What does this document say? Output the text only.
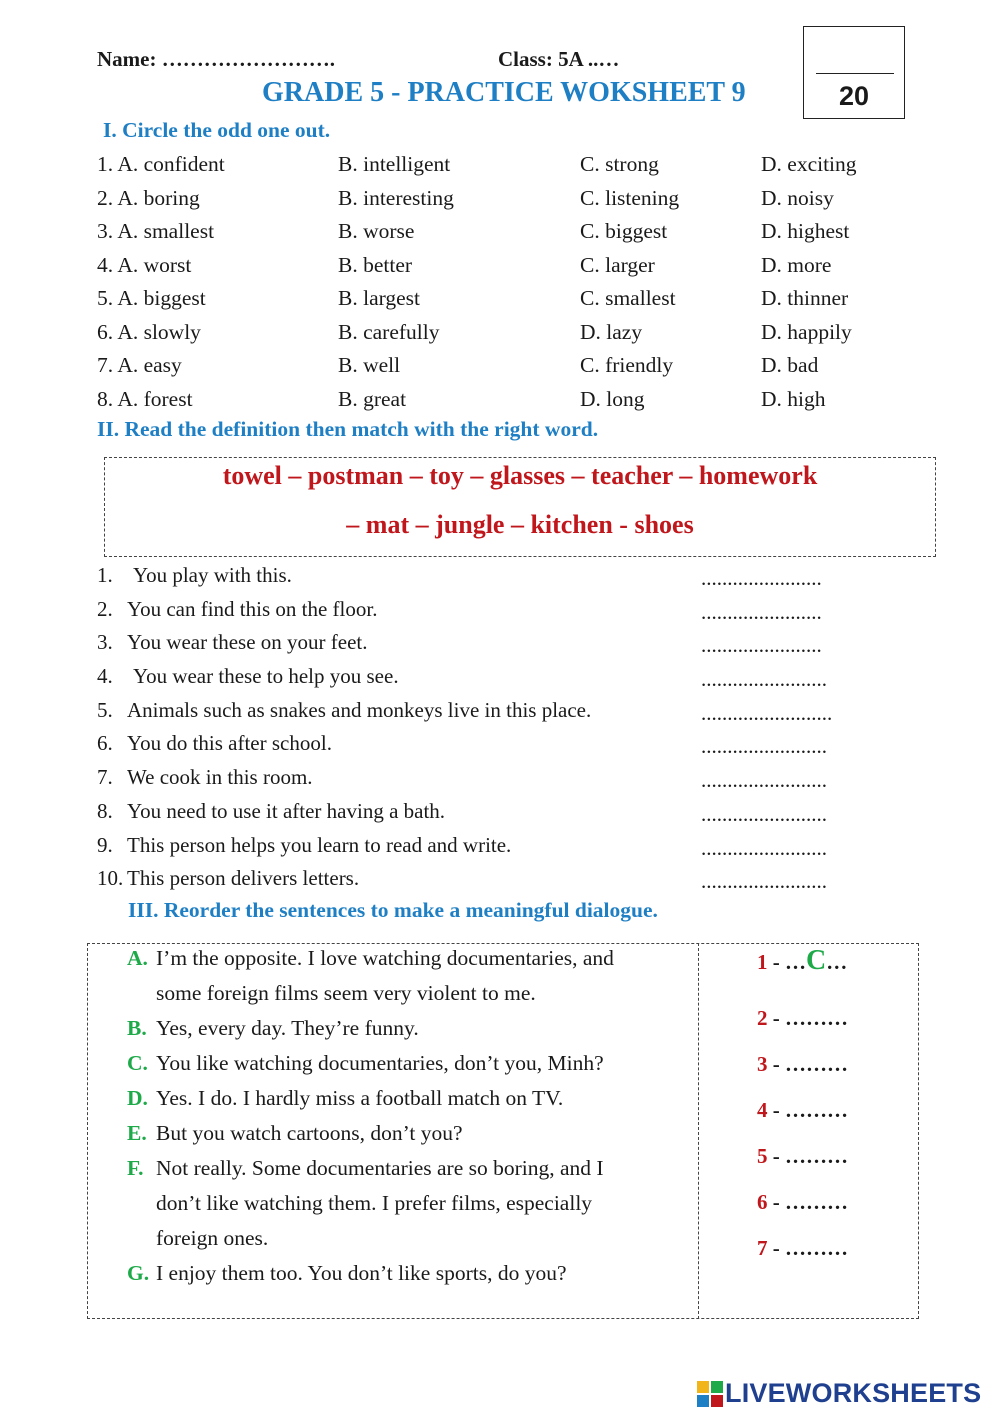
Name: …………………….	Class: 5A ..…
GRADE 5 - PRACTICE WOKSHEET 9	20
I. Circle the odd one out.
1. A. confident	B. intelligent	C. strong	D. exciting
2. A. boring	B. interesting	C. listening	D. noisy
3. A. smallest	B. worse	C. biggest	D. highest
4. A. worst	B. better	C. larger	D. more
5. A. biggest	B. largest	C. smallest	D. thinner
6. A. slowly	B. carefully	D. lazy	D. happily
7. A. easy	B. well	C. friendly	D. bad
8. A. forest	B. great	D. long	D. high
II. Read the definition then match with the right word.
towel – postman – toy – glasses – teacher – homework
– mat – jungle – kitchen - shoes
1. You play with this.	.......................
2. You can find this on the floor.	.......................
3. You wear these on your feet.	.......................
4. You wear these to help you see.	........................
5. Animals such as snakes and monkeys live in this place.	.........................
6. You do this after school.	........................
7. We cook in this room.	........................
8. You need to use it after having a bath.	........................
9. This person helps you learn to read and write.	........................
10. This person delivers letters.	........................
III. Reorder the sentences to make a meaningful dialogue.
A. I’m the opposite. I love watching documentaries, and
some foreign films seem very violent to me.
B. Yes, every day. They’re funny.
C. You like watching documentaries, don’t you, Minh?
D. Yes. I do. I hardly miss a football match on TV.
E. But you watch cartoons, don’t you?
F. Not really. Some documentaries are so boring, and I
don’t like watching them. I prefer films, especially
foreign ones.
G. I enjoy them too. You don’t like sports, do you?
1 - …C…
2 - ………
3 - ………
4 - ………
5 - ………
6 - ………
7 - ………
LIVEWORKSHEETS
